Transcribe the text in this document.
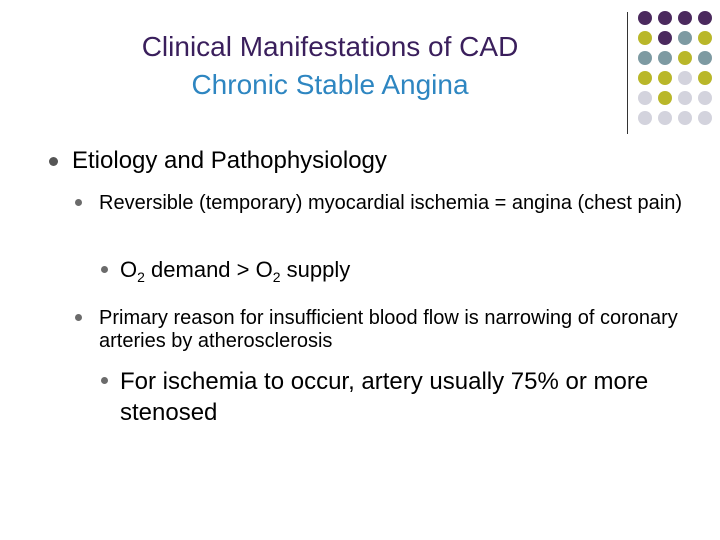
Clinical Manifestations of CAD
Chronic Stable Angina
Etiology and Pathophysiology
Reversible (temporary) myocardial ischemia = angina (chest pain)
$O_2$ demand > $O_2$ supply
Primary reason for insufficient blood flow is narrowing of coronary arteries by atherosclerosis
For ischemia to occur, artery usually 75% or more stenosed
